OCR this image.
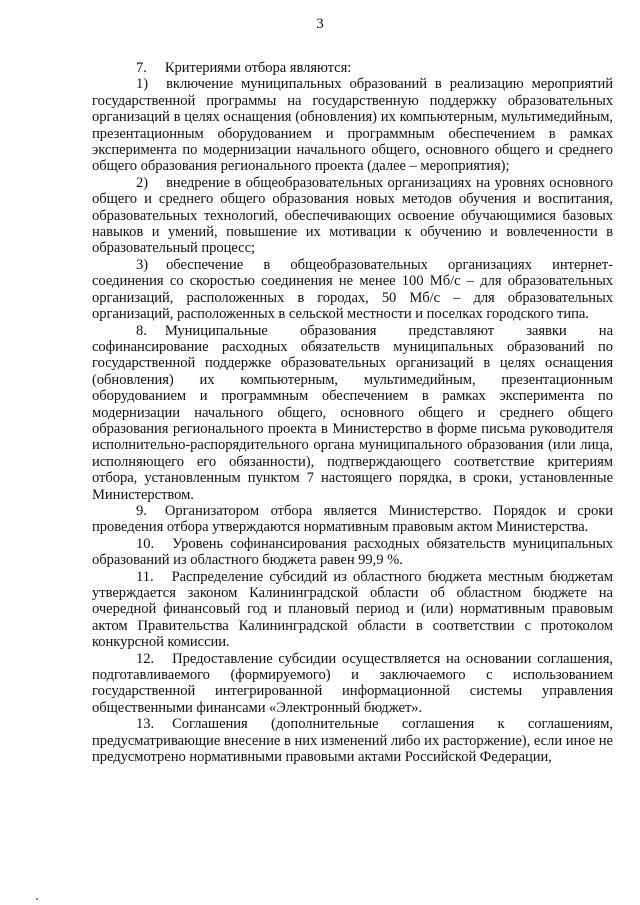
3

7. Критериями отбора являются:

1) включение муниципальных образований в реализацию мероприятий государственной программы на государственную поддержку образовательных организаций в целях оснащения (обновления) их компьютерным, мультимедийным, презентационным оборудованием и программным обеспечением в рамках эксперимента по модернизации начального общего, основного общего и среднего общего образования регионального проекта (далее – мероприятия);

2) внедрение в общеобразовательных организациях на уровнях основного общего и среднего общего образования новых методов обучения и воспитания, образовательных технологий, обеспечивающих освоение обучающимися базовых навыков и умений, повышение их мотивации к обучению и вовлеченности в образовательный процесс;

3) обеспечение в общеобразовательных организациях интернет-соединения со скоростью соединения не менее 100 Мб/с – для образовательных организаций, расположенных в городах, 50 Мб/с – для образовательных организаций, расположенных в сельской местности и поселках городского типа.

8. Муниципальные образования представляют заявки на софинансирование расходных обязательств муниципальных образований по государственной поддержке образовательных организаций в целях оснащения (обновления) их компьютерным, мультимедийным, презентационным оборудованием и программным обеспечением в рамках эксперимента по модернизации начального общего, основного общего и среднего общего образования регионального проекта в Министерство в форме письма руководителя исполнительно-распорядительного органа муниципального образования (или лица, исполняющего его обязанности), подтверждающего соответствие критериям отбора, установленным пунктом 7 настоящего порядка, в сроки, установленные Министерством.

9. Организатором отбора является Министерство. Порядок и сроки проведения отбора утверждаются нормативным правовым актом Министерства.

10. Уровень софинансирования расходных обязательств муниципальных образований из областного бюджета равен 99,9 %.

11. Распределение субсидий из областного бюджета местным бюджетам утверждается законом Калининградской области об областном бюджете на очередной финансовый год и плановый период и (или) нормативным правовым актом Правительства Калининградской области в соответствии с протоколом конкурсной комиссии.

12. Предоставление субсидии осуществляется на основании соглашения, подготавливаемого (формируемого) и заключаемого с использованием государственной интегрированной информационной системы управления общественными финансами «Электронный бюджет».

13. Соглашения (дополнительные соглашения к соглашениям, предусматривающие внесение в них изменений либо их расторжение), если иное не предусмотрено нормативными правовыми актами Российской Федерации,
